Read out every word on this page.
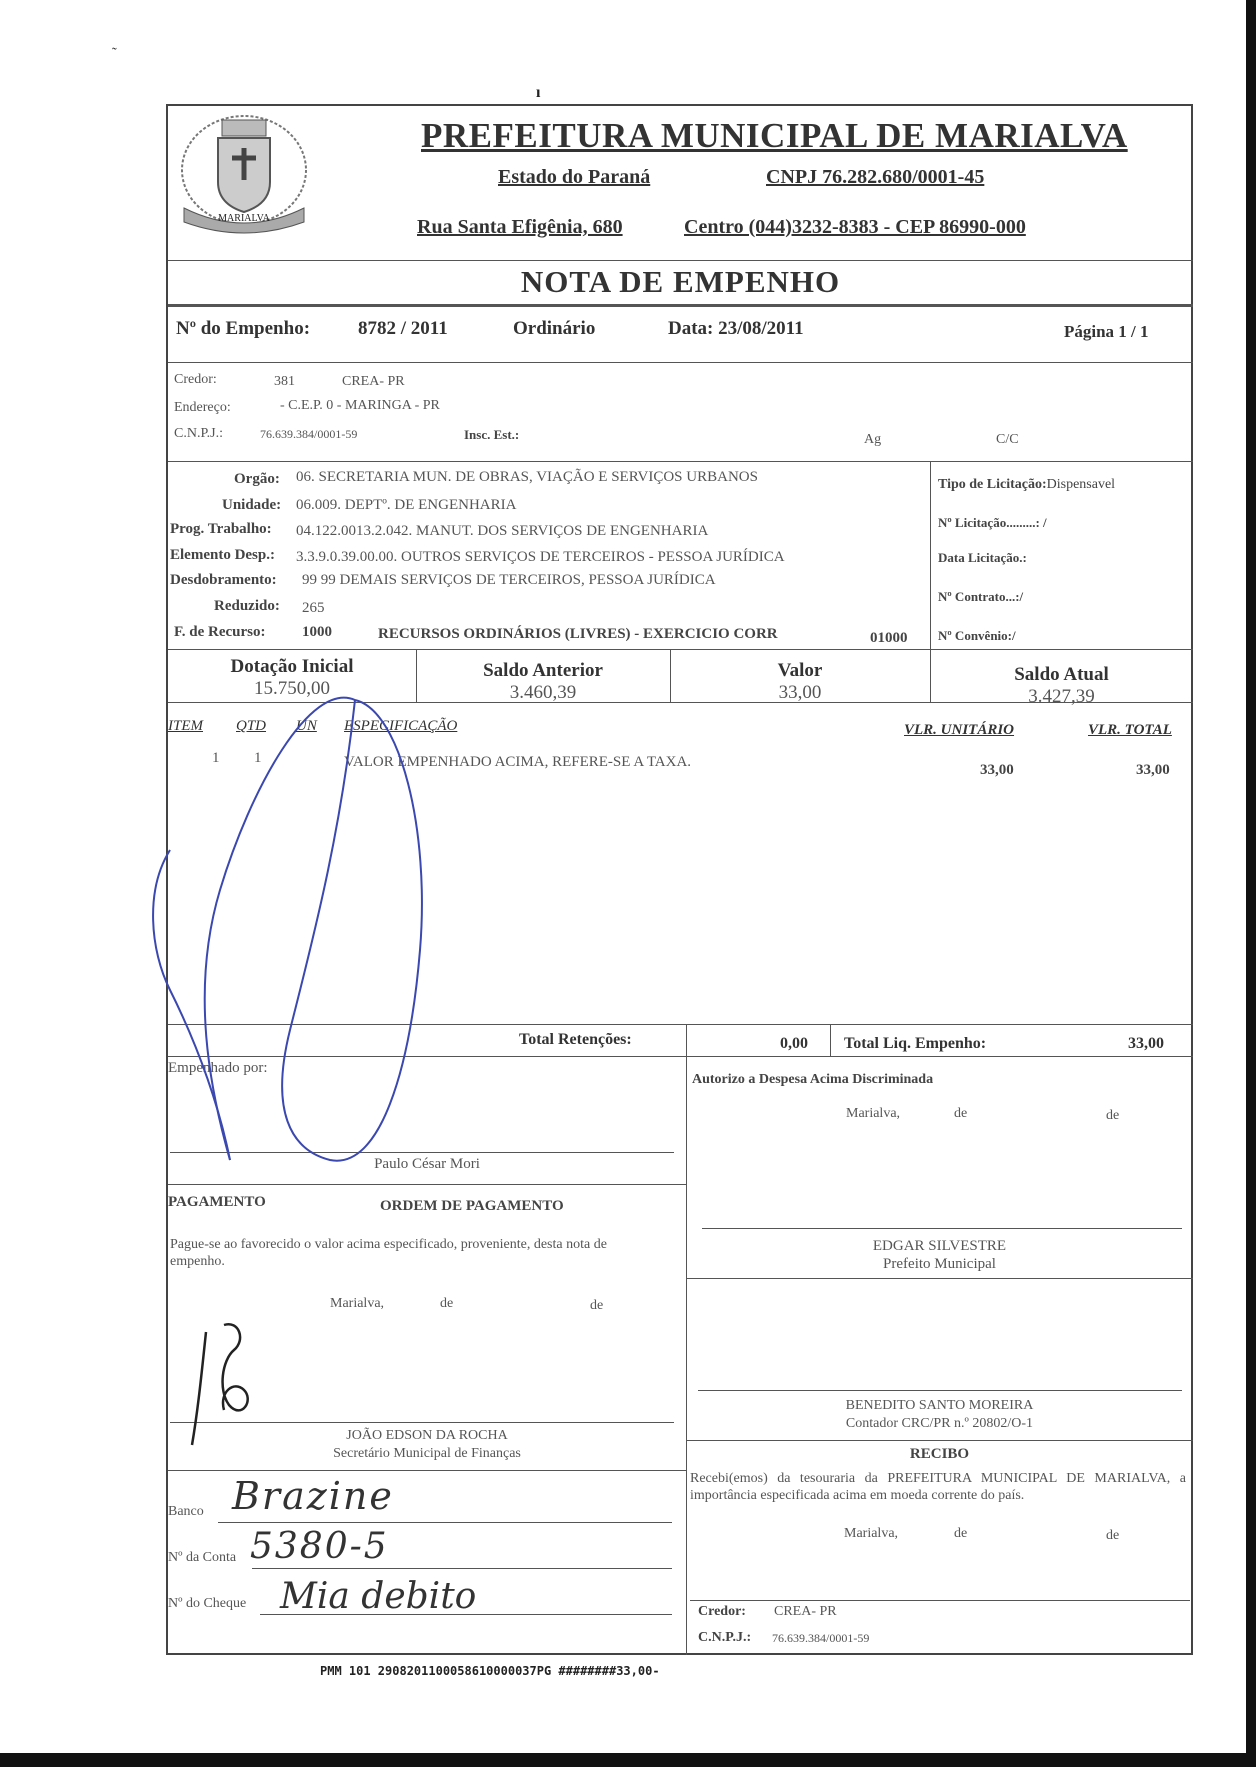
˜
ı
MARIALVA
PREFEITURA MUNICIPAL DE MARIALVA
Estado do Paraná	CNPJ 76.282.680/0001-45
Rua Santa Efigênia, 680	Centro (044)3232-8383 - CEP 86990-000
NOTA DE EMPENHO
Nº do Empenho:	8782 / 2011	Ordinário	Data: 23/08/2011	Página 1 / 1
Credor:	381	CREA- PR
Endereço:	- C.E.P. 0 - MARINGA - PR
C.N.P.J.:	76.639.384/0001-59	Insc. Est.:	Ag	C/C
Orgão: 06. SECRETARIA MUN. DE OBRAS, VIAÇÃO E SERVIÇOS URBANOS
Unidade: 06.009. DEPTº. DE ENGENHARIA
Prog. Trabalho: 04.122.0013.2.042. MANUT. DOS SERVIÇOS DE ENGENHARIA
Elemento Desp.: 3.3.9.0.39.00.00. OUTROS SERVIÇOS DE TERCEIROS - PESSOA JURÍDICA
Desdobramento: 99 99 DEMAIS SERVIÇOS DE TERCEIROS, PESSOA JURÍDICA
Reduzido: 265
F. de Recurso: 1000	RECURSOS ORDINÁRIOS (LIVRES) - EXERCICIO CORR	01000
Tipo de Licitação:Dispensavel
Nº Licitação.........: /
Data Licitação.:
Nº Contrato...:/
Nº Convênio:/
Dotação Inicial
15.750,00
Saldo Anterior
3.460,39
Valor
33,00
Saldo Atual
3.427,39
ITEM QTD UN ESPECIFICAÇÃO	VLR. UNITÁRIO	VLR. TOTAL
1 1	VALOR EMPENHADO ACIMA, REFERE-SE A TAXA.	33,00	33,00
Total Retenções:	0,00 Total Liq. Empenho:	33,00
Empenhado por:
Paulo César Mori
Autorizo a Despesa Acima Discriminada
Marialva,	de	de
EDGAR SILVESTRE
Prefeito Municipal
PAGAMENTO	ORDEM DE PAGAMENTO
Pague-se ao favorecido o valor acima especificado, proveniente, desta nota de empenho.
Marialva,	de	de
JOÃO EDSON DA ROCHA
Secretário Municipal de Finanças
BENEDITO SANTO MOREIRA
Contador CRC/PR n.º 20802/O-1
RECIBO
Recebi(emos) da tesouraria da PREFEITURA MUNICIPAL DE MARIALVA, a importância especificada acima em moeda corrente do país.
Marialva,	de	de
Credor: CREA- PR
C.N.P.J.: 76.639.384/0001-59
Banco
Nº da Conta
Nº do Cheque
Brazine
5380-5
Mia debito
PMM 101 2908201100058610000037PG ########33,00-
